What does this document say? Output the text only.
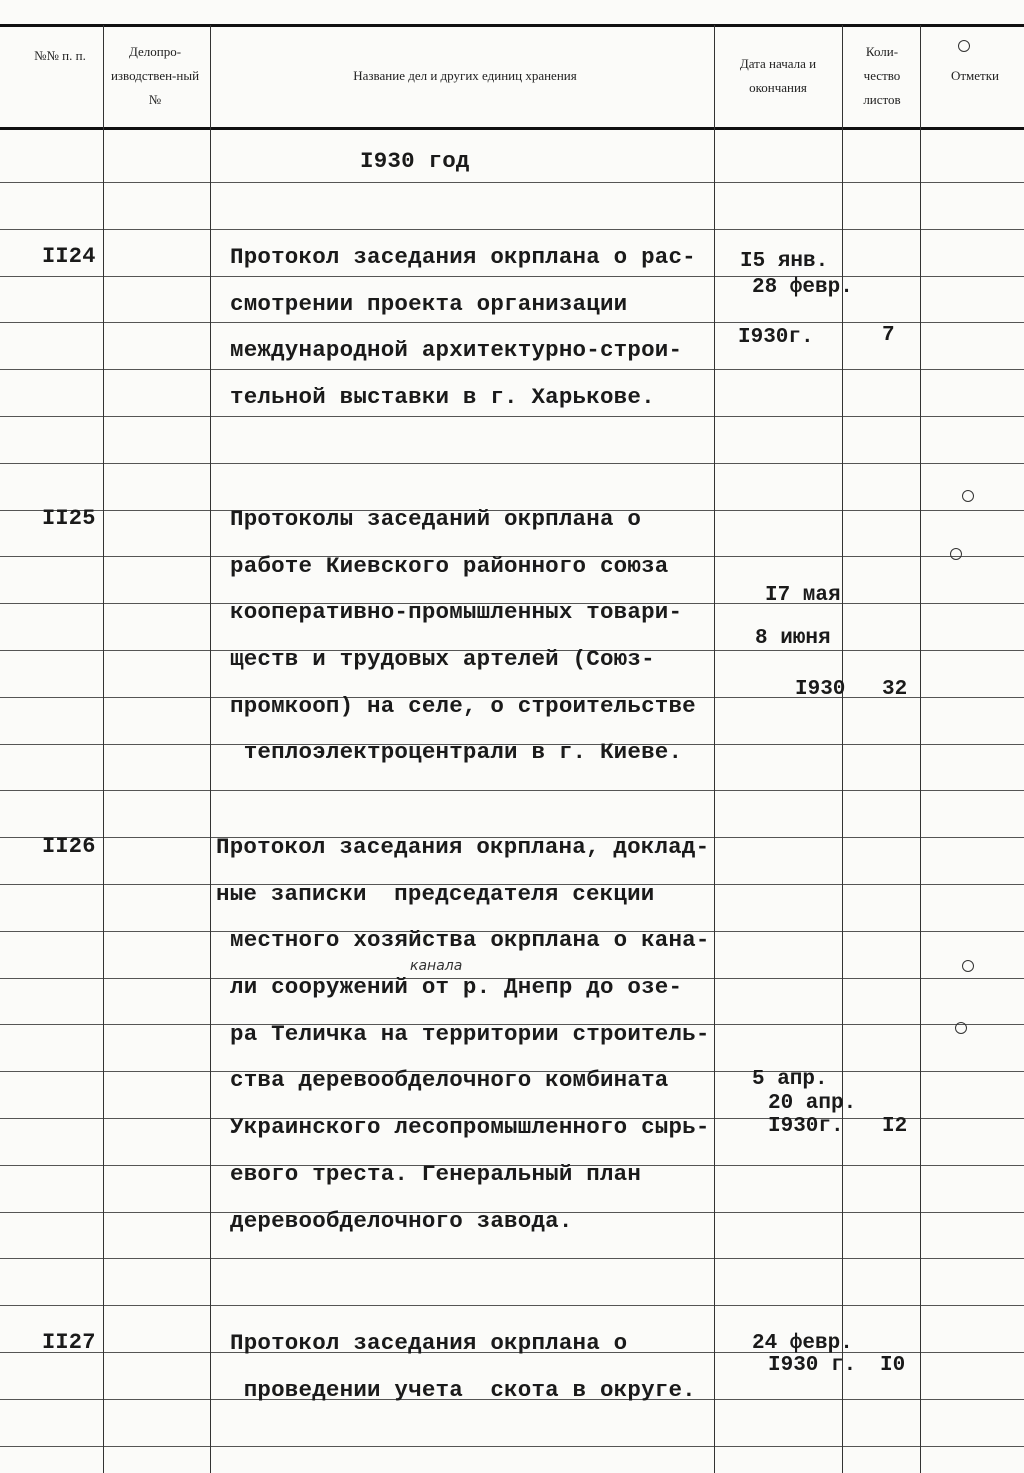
№№ п. п.	Делопро-изводствен-ный №
Название дел и других единиц хранения
Дата начала и окончания
Коли-чество листов
Отметки
I930 год
II24	Протокол заседания окрплана о рас-
смотрении проекта организации
международной архитектурно-строи-
тельной выставки в г. Харькове.
I5 янв.
28 февр.
I930г.	7
II25	Протоколы заседаний окрплана о
работе Киевского районного союза
кооперативно-промышленных товари-
ществ и трудовых артелей (Союз-
промкооп) на селе, о строительстве
теплоэлектроцентрали в г. Киеве.
I7 мая
8 июня
I930 32
II26	Протокол заседания окрплана, доклад-
ные записки  председателя секции
местного хозяйства окрплана о кана-
ли сооружений от р. Днепр до озе-
ра Теличка на территории строитель-
ства деревообделочного комбината
Украинского лесопромышленного сырь-
евого треста. Генеральный план
деревообделочного завода.
канала
5 апр.
20 апр.
I930г. I2
II27	Протокол заседания окрплана о
проведении учета  скота в округе.
24 февр.
I930 г. I0
